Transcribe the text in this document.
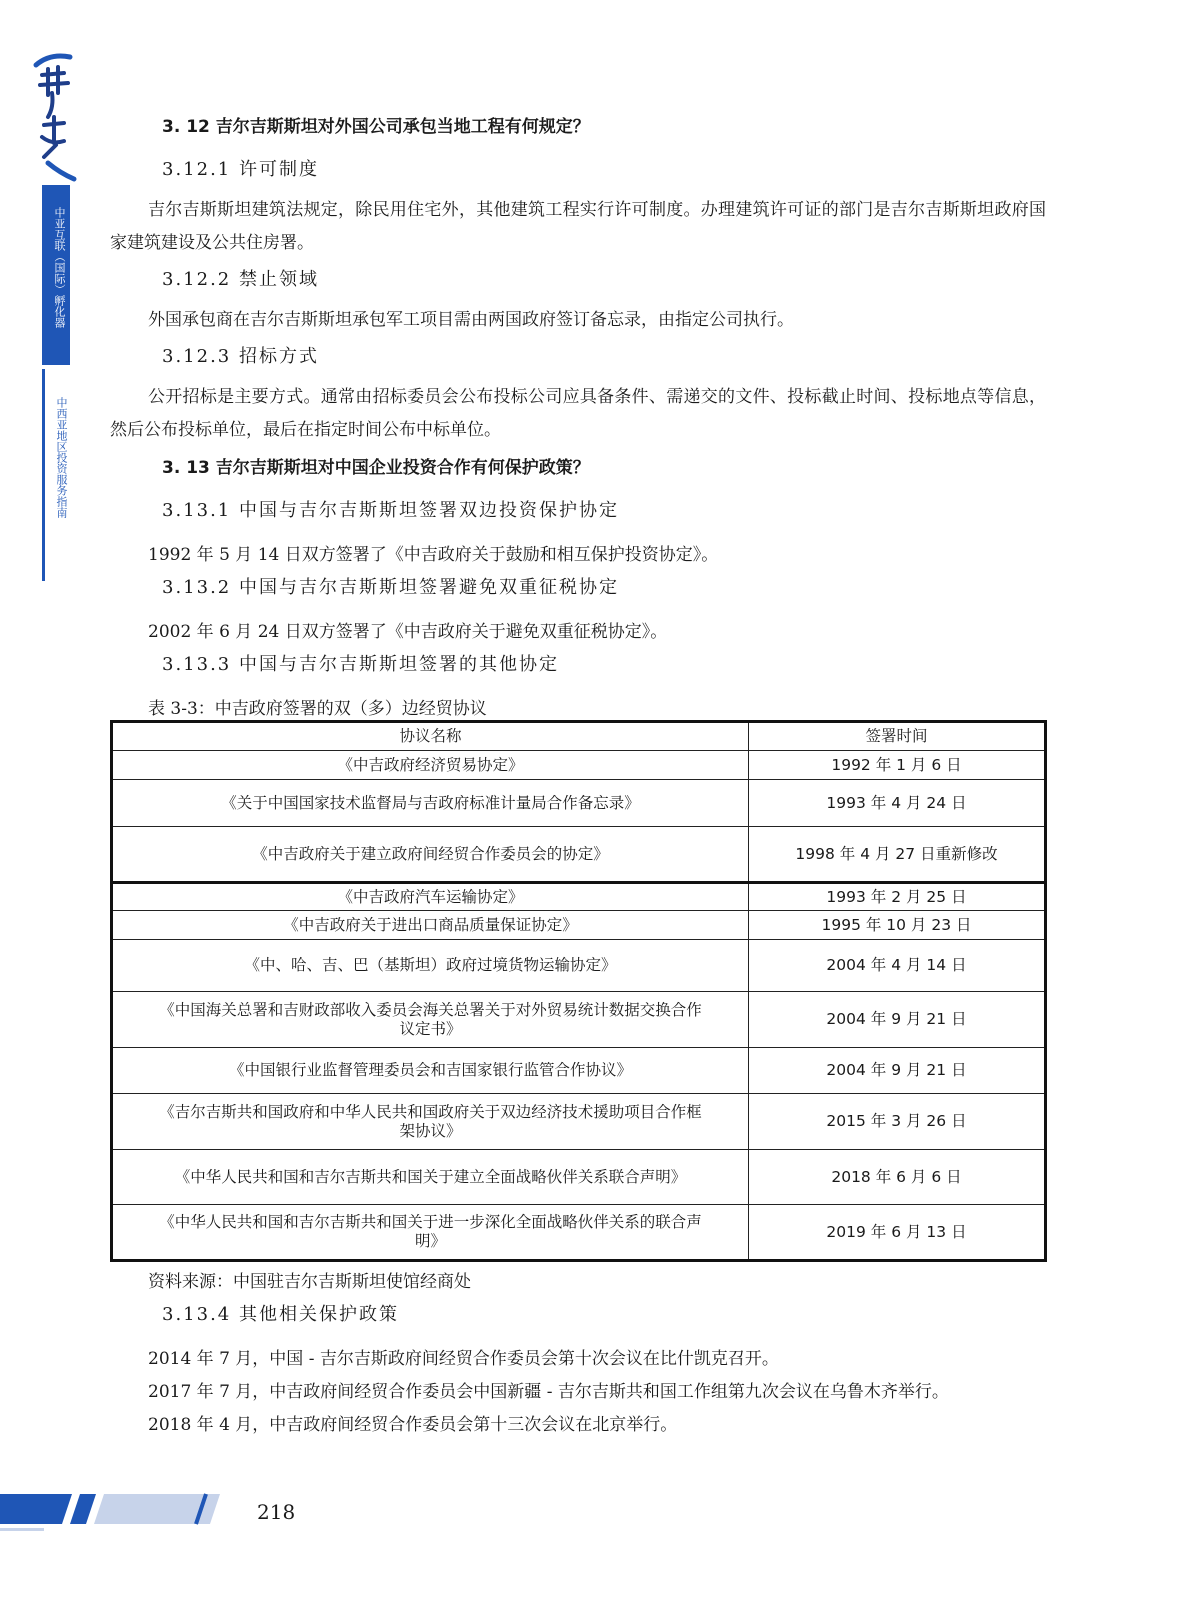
中亚互联（国际）孵化器
中西亚地区投资服务指南
3. 12 吉尔吉斯斯坦对外国公司承包当地工程有何规定？
3.12.1 许可制度
吉尔吉斯斯坦建筑法规定，除民用住宅外，其他建筑工程实行许可制度。办理建筑许可证的部门是吉尔吉斯斯坦政府国家建筑建设及公共住房署。
3.12.2 禁止领域
外国承包商在吉尔吉斯斯坦承包军工项目需由两国政府签订备忘录，由指定公司执行。
3.12.3 招标方式
公开招标是主要方式。通常由招标委员会公布投标公司应具备条件、需递交的文件、投标截止时间、投标地点等信息，然后公布投标单位，最后在指定时间公布中标单位。
3. 13 吉尔吉斯斯坦对中国企业投资合作有何保护政策？
3.13.1 中国与吉尔吉斯斯坦签署双边投资保护协定
1992 年 5 月 14 日双方签署了《中吉政府关于鼓励和相互保护投资协定》。
3.13.2 中国与吉尔吉斯斯坦签署避免双重征税协定
2002 年 6 月 24 日双方签署了《中吉政府关于避免双重征税协定》。
3.13.3 中国与吉尔吉斯斯坦签署的其他协定
表 3-3：中吉政府签署的双（多）边经贸协议
协议名称	签署时间
《中吉政府经济贸易协定》	1992 年 1 月 6 日
《关于中国国家技术监督局与吉政府标准计量局合作备忘录》	1993 年 4 月 24 日
《中吉政府关于建立政府间经贸合作委员会的协定》	1998 年 4 月 27 日重新修改
《中吉政府汽车运输协定》	1993 年 2 月 25 日
《中吉政府关于进出口商品质量保证协定》	1995 年 10 月 23 日
《中、哈、吉、巴（基斯坦）政府过境货物运输协定》	2004 年 4 月 14 日
《中国海关总署和吉财政部收入委员会海关总署关于对外贸易统计数据交换合作议定书》	2004 年 9 月 21 日
《中国银行业监督管理委员会和吉国家银行监管合作协议》	2004 年 9 月 21 日
《吉尔吉斯共和国政府和中华人民共和国政府关于双边经济技术援助项目合作框架协议》	2015 年 3 月 26 日
《中华人民共和国和吉尔吉斯共和国关于建立全面战略伙伴关系联合声明》	2018 年 6 月 6 日
《中华人民共和国和吉尔吉斯共和国关于进一步深化全面战略伙伴关系的联合声明》	2019 年 6 月 13 日
资料来源：中国驻吉尔吉斯斯坦使馆经商处
3.13.4 其他相关保护政策
2014 年 7 月，中国 - 吉尔吉斯政府间经贸合作委员会第十次会议在比什凯克召开。
2017 年 7 月，中吉政府间经贸合作委员会中国新疆 - 吉尔吉斯共和国工作组第九次会议在乌鲁木齐举行。
2018 年 4 月，中吉政府间经贸合作委员会第十三次会议在北京举行。
218
